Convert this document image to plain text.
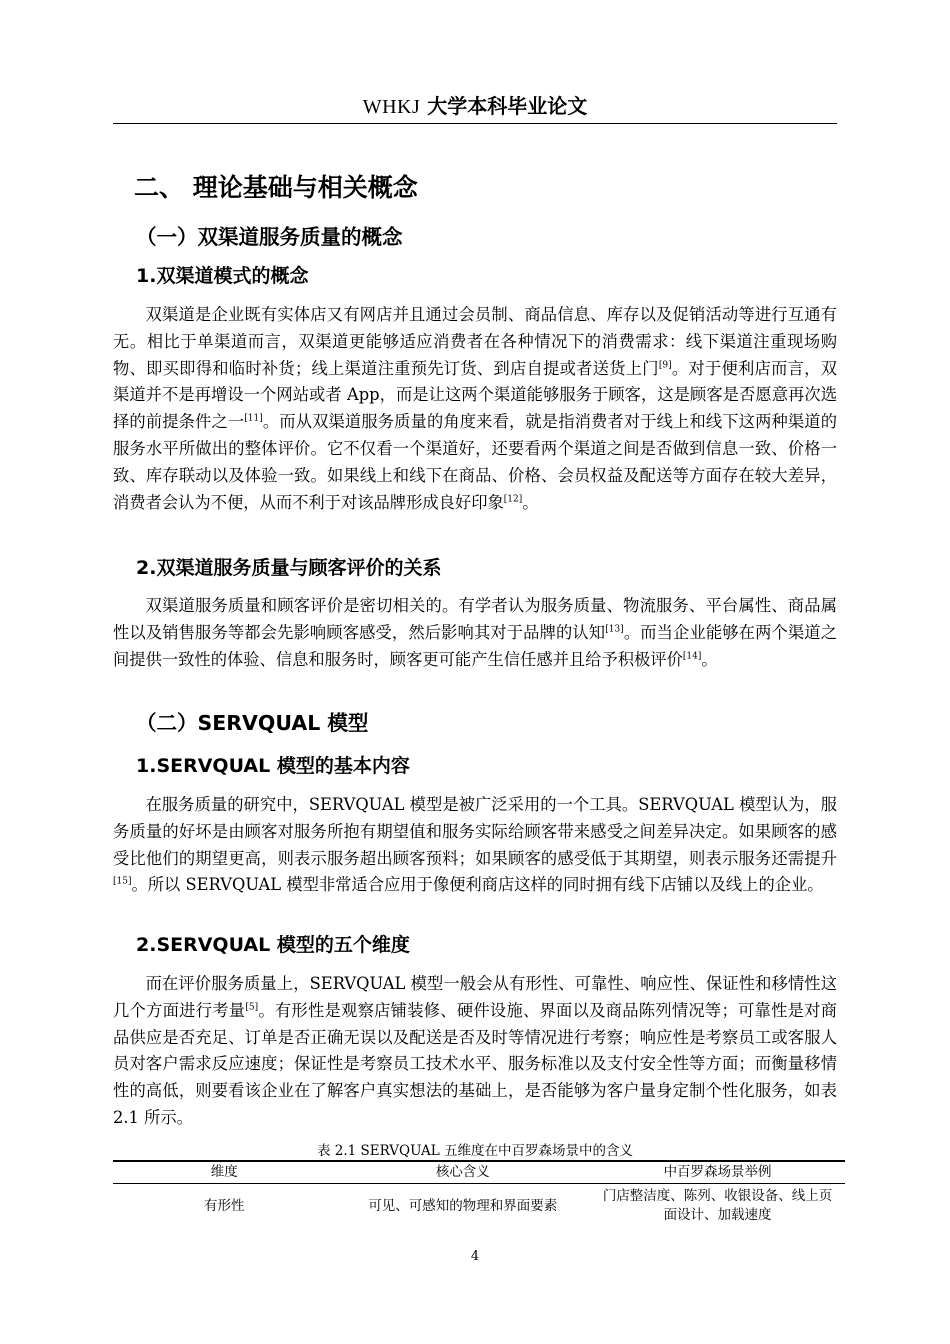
WHKJ 大学本科毕业论文
二、 理论基础与相关概念
（一）双渠道服务质量的概念
1.双渠道模式的概念

双渠道是企业既有实体店又有网店并且通过会员制、商品信息、库存以及促销活动等进行互通有无。相比于单渠道而言，双渠道更能够适应消费者在各种情况下的消费需求：线下渠道注重现场购物、即买即得和临时补货；线上渠道注重预先订货、到店自提或者送货上门[9]。对于便利店而言，双渠道并不是再增设一个网站或者 App，而是让这两个渠道能够服务于顾客，这是顾客是否愿意再次选择的前提条件之一[11]。而从双渠道服务质量的角度来看，就是指消费者对于线上和线下这两种渠道的服务水平所做出的整体评价。它不仅看一个渠道好，还要看两个渠道之间是否做到信息一致、价格一致、库存联动以及体验一致。如果线上和线下在商品、价格、会员权益及配送等方面存在较大差异，消费者会认为不便，从而不利于对该品牌形成良好印象[12]。

2.双渠道服务质量与顾客评价的关系

双渠道服务质量和顾客评价是密切相关的。有学者认为服务质量、物流服务、平台属性、商品属性以及销售服务等都会先影响顾客感受，然后影响其对于品牌的认知[13]。而当企业能够在两个渠道之间提供一致性的体验、信息和服务时，顾客更可能产生信任感并且给予积极评价[14]。

（二）SERVQUAL 模型
1.SERVQUAL 模型的基本内容

在服务质量的研究中，SERVQUAL 模型是被广泛采用的一个工具。SERVQUAL 模型认为，服务质量的好坏是由顾客对服务所抱有期望值和服务实际给顾客带来感受之间差异决定。如果顾客的感受比他们的期望更高，则表示服务超出顾客预料；如果顾客的感受低于其期望，则表示服务还需提升[15]。所以 SERVQUAL 模型非常适合应用于像便利商店这样的同时拥有线下店铺以及线上的企业。

2.SERVQUAL 模型的五个维度

而在评价服务质量上，SERVQUAL 模型一般会从有形性、可靠性、响应性、保证性和移情性这几个方面进行考量[5]。有形性是观察店铺装修、硬件设施、界面以及商品陈列情况等；可靠性是对商品供应是否充足、订单是否正确无误以及配送是否及时等情况进行考察；响应性是考察员工或客服人员对客户需求反应速度；保证性是考察员工技术水平、服务标准以及支付安全性等方面；而衡量移情性的高低，则要看该企业在了解客户真实想法的基础上，是否能够为客户量身定制个性化服务，如表 2.1 所示。

表 2.1 SERVQUAL 五维度在中百罗森场景中的含义

维度	核心含义	中百罗森场景举例
有形性	可见、可感知的物理和界面要素	门店整洁度、陈列、收银设备、线上页面设计、加载速度
4
